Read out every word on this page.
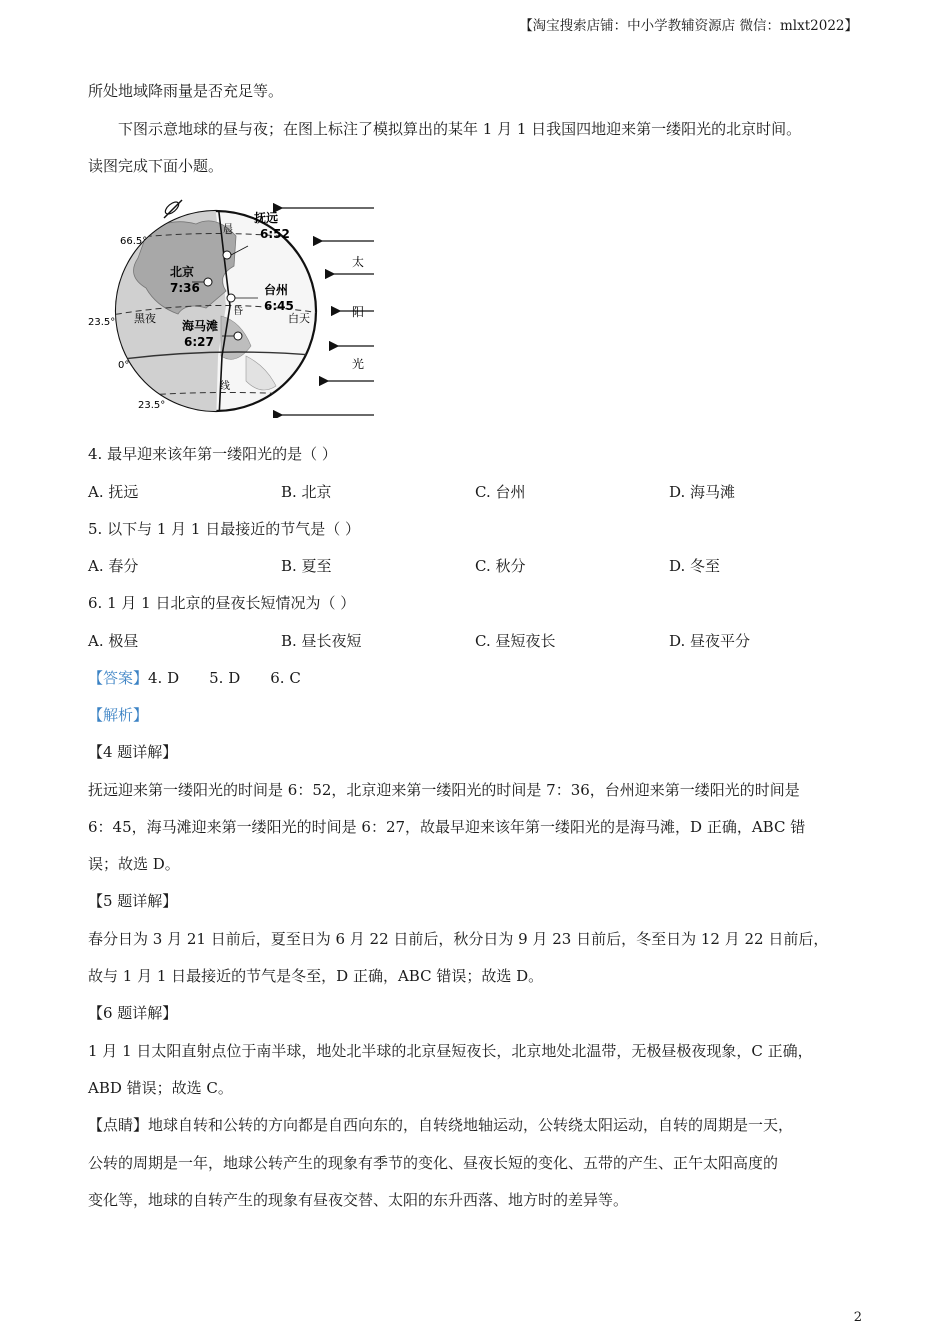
【淘宝搜索店铺：中小学教辅资源店 微信：mlxt2022】
所处地域降雨量是否充足等。
下图示意地球的昼与夜；在图上标注了模拟算出的某年 1 月 1 日我国四地迎来第一缕阳光的北京时间。
读图完成下面小题。
66.5°
23.5°
0°
23.5°
黑夜	白天
晨
昏
线
抚远
6:52
北京
7:36	台州
6:45
海马滩
6:27
太
阳
光
4. 最早迎来该年第一缕阳光的是（ ）
A. 抚远	B. 北京	C. 台州	D. 海马滩
5. 以下与 1 月 1 日最接近的节气是（ ）
A. 春分	B. 夏至	C. 秋分	D. 冬至
6. 1 月 1 日北京的昼夜长短情况为（ ）
A. 极昼	B. 昼长夜短	C. 昼短夜长	D. 昼夜平分
【答案】4. D 5. D 6. C
【解析】
【4 题详解】
抚远迎来第一缕阳光的时间是 6：52，北京迎来第一缕阳光的时间是 7：36，台州迎来第一缕阳光的时间是
6：45，海马滩迎来第一缕阳光的时间是 6：27，故最早迎来该年第一缕阳光的是海马滩，D 正确，ABC 错
误；故选 D。
【5 题详解】
春分日为 3 月 21 日前后，夏至日为 6 月 22 日前后，秋分日为 9 月 23 日前后，冬至日为 12 月 22 日前后，
故与 1 月 1 日最接近的节气是冬至，D 正确，ABC 错误；故选 D。
【6 题详解】
1 月 1 日太阳直射点位于南半球，地处北半球的北京昼短夜长，北京地处北温带，无极昼极夜现象，C 正确，
ABD 错误；故选 C。
【点睛】地球自转和公转的方向都是自西向东的，自转绕地轴运动，公转绕太阳运动，自转的周期是一天，
公转的周期是一年，地球公转产生的现象有季节的变化、昼夜长短的变化、五带的产生、正午太阳高度的
变化等，地球的自转产生的现象有昼夜交替、太阳的东升西落、地方时的差异等。
2
